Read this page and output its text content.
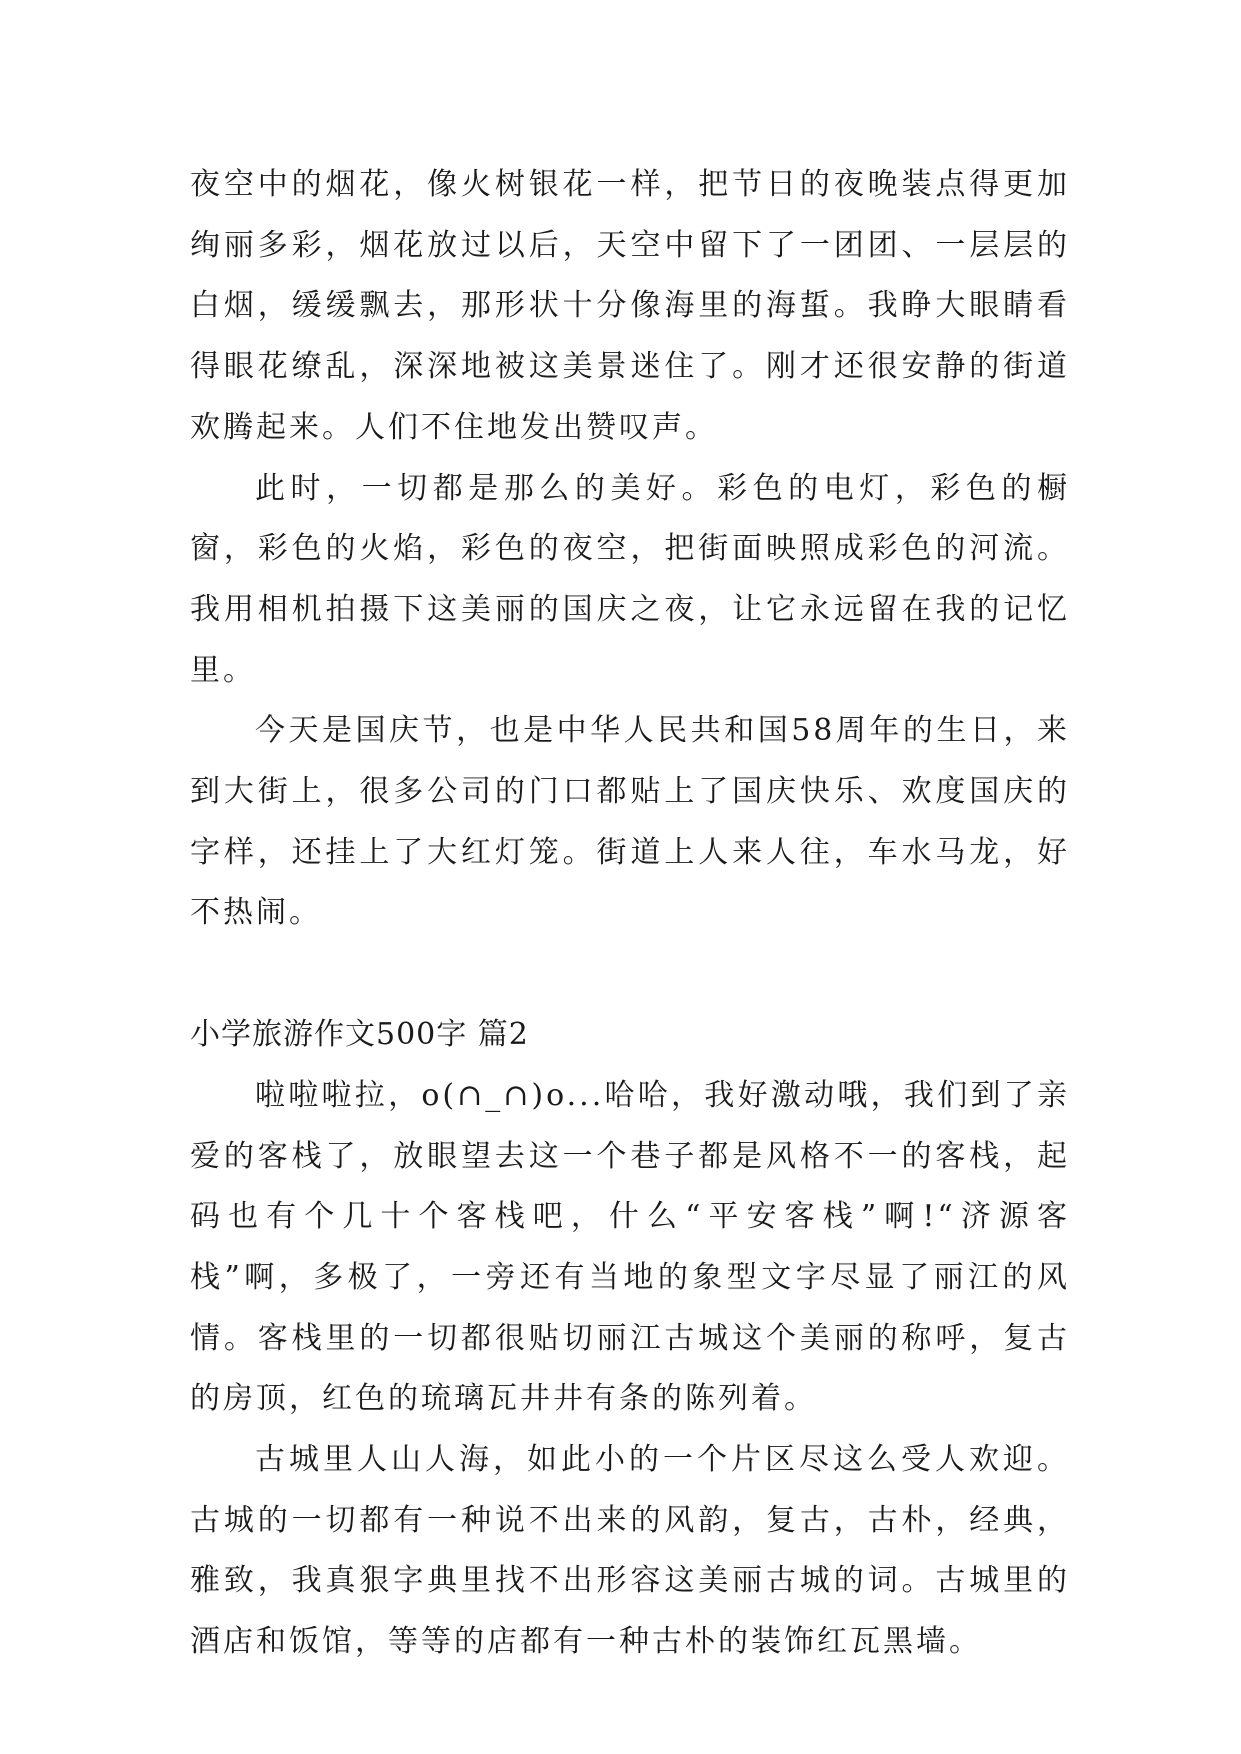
夜空中的烟花，像火树银花一样，把节日的夜晚装点得更加绚丽多彩，烟花放过以后，天空中留下了一团团、一层层的白烟，缓缓飘去，那形状十分像海里的海蜇。我睁大眼睛看得眼花缭乱，深深地被这美景迷住了。刚才还很安静的街道欢腾起来。人们不住地发出赞叹声。

此时，一切都是那么的美好。彩色的电灯，彩色的橱窗，彩色的火焰，彩色的夜空，把街面映照成彩色的河流。我用相机拍摄下这美丽的国庆之夜，让它永远留在我的记忆里。

今天是国庆节，也是中华人民共和国58周年的生日，来到大街上，很多公司的门口都贴上了国庆快乐、欢度国庆的字样，还挂上了大红灯笼。街道上人来人往，车水马龙，好不热闹。

小学旅游作文500字 篇2

啦啦啦拉，o(∩_∩)o...哈哈，我好激动哦，我们到了亲爱的客栈了，放眼望去这一个巷子都是风格不一的客栈，起码也有个几十个客栈吧，什么“平安客栈”啊!“济源客栈”啊，多极了，一旁还有当地的象型文字尽显了丽江的风情。客栈里的一切都很贴切丽江古城这个美丽的称呼，复古的房顶，红色的琉璃瓦井井有条的陈列着。

古城里人山人海，如此小的一个片区尽这么受人欢迎。古城的一切都有一种说不出来的风韵，复古，古朴，经典，雅致，我真狠字典里找不出形容这美丽古城的词。古城里的酒店和饭馆，等等的店都有一种古朴的装饰红瓦黑墙。
